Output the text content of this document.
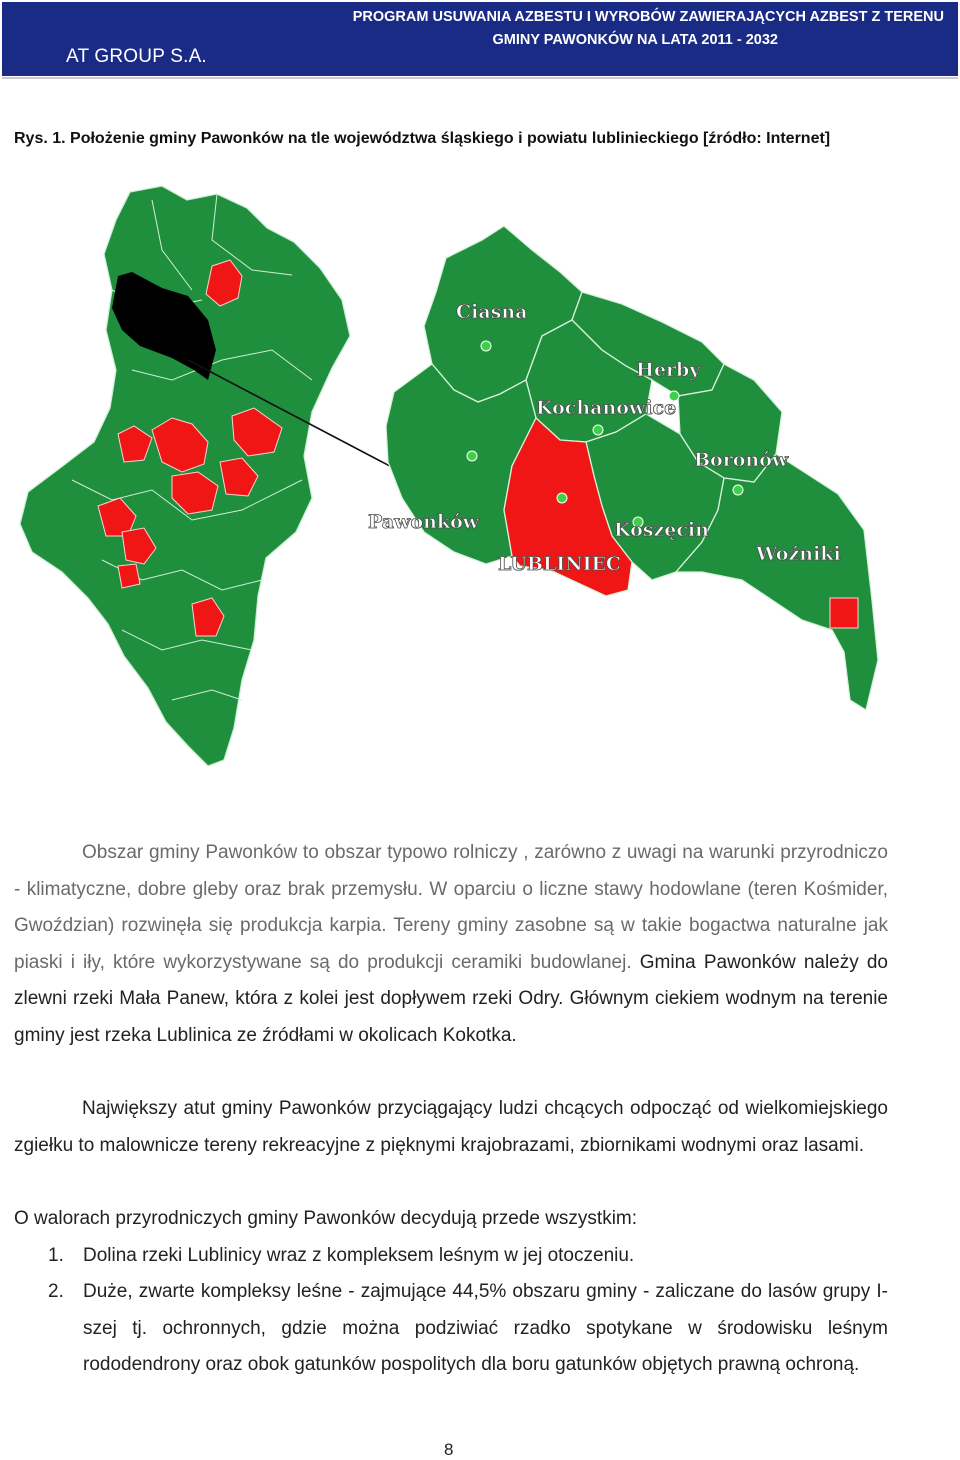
AT GROUP S.A.
PROGRAM USUWANIA AZBESTU I WYROBÓW ZAWIERAJĄCYCH AZBEST Z TERENU
GMINY PAWONKÓW NA LATA 2011 - 2032
Rys. 1. Położenie gminy Pawonków na tle województwa śląskiego i powiatu lublinieckiego [źródło: Internet]
Ciasna
Herby
Kochanowice
Boronów
Pawonków	Koszęcin
LUBLINIEC	Woźniki
Obszar gminy Pawonków to obszar typowo rolniczy , zarówno z uwagi na warunki przyrodniczo - klimatyczne, dobre gleby oraz brak przemysłu. W oparciu o liczne stawy hodowlane (teren Kośmider, Gwoździan) rozwinęła się produkcja karpia. Tereny gminy zasobne są w takie bogactwa naturalne jak piaski i iły, które wykorzystywane są do produkcji ceramiki budowlanej. Gmina Pawonków należy do zlewni rzeki Mała Panew, która z kolei jest dopływem rzeki Odry. Głównym ciekiem wodnym na terenie gminy jest rzeka Lublinica ze źródłami w okolicach Kokotka.
Największy atut gminy Pawonków przyciągający ludzi chcących odpocząć od wielkomiejskiego zgiełku to malownicze tereny rekreacyjne z pięknymi krajobrazami, zbiornikami wodnymi oraz lasami.
O walorach przyrodniczych gminy Pawonków decydują przede wszystkim:
1. Dolina rzeki Lublinicy wraz z kompleksem leśnym w jej otoczeniu.
2. Duże, zwarte kompleksy leśne - zajmujące 44,5% obszaru gminy - zaliczane do lasów grupy I-szej tj. ochronnych, gdzie można podziwiać rzadko spotykane w środowisku leśnym rododendrony oraz obok gatunków pospolitych dla boru gatunków objętych prawną ochroną.
8
